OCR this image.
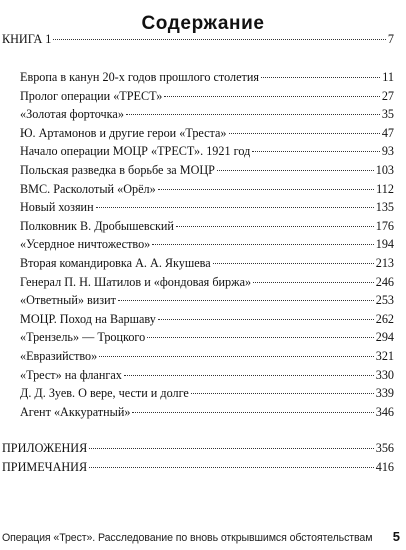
Содержание
КНИГА 1	7
Европа в канун 20-х годов прошлого столетия	11
Пролог операции «ТРЕСТ»	27
«Золотая форточка»	35
Ю. Артамонов и другие герои «Треста»	47
Начало операции МОЦР «ТРЕСТ». 1921 год	93
Польская разведка в борьбе за МОЦР	103
ВМС. Расколотый «Орёл»	112
Новый хозяин	135
Полковник В. Дробышевский	176
«Усердное ничтожество»	194
Вторая командировка А. А. Якушева	213
Генерал П. Н. Шатилов и «фондовая биржа»	246
«Ответный» визит	253
МОЦР. Поход на Варшаву	262
«Трензель» — Троцкого	294
«Евразийство»	321
«Трест» на флангах	330
Д. Д. Зуев. О вере, чести и долге	339
Агент «Аккуратный»	346
ПРИЛОЖЕНИЯ	356
ПРИМЕЧАНИЯ	416
Операция «Трест». Расследование по вновь открывшимся обстоятельствам 5
